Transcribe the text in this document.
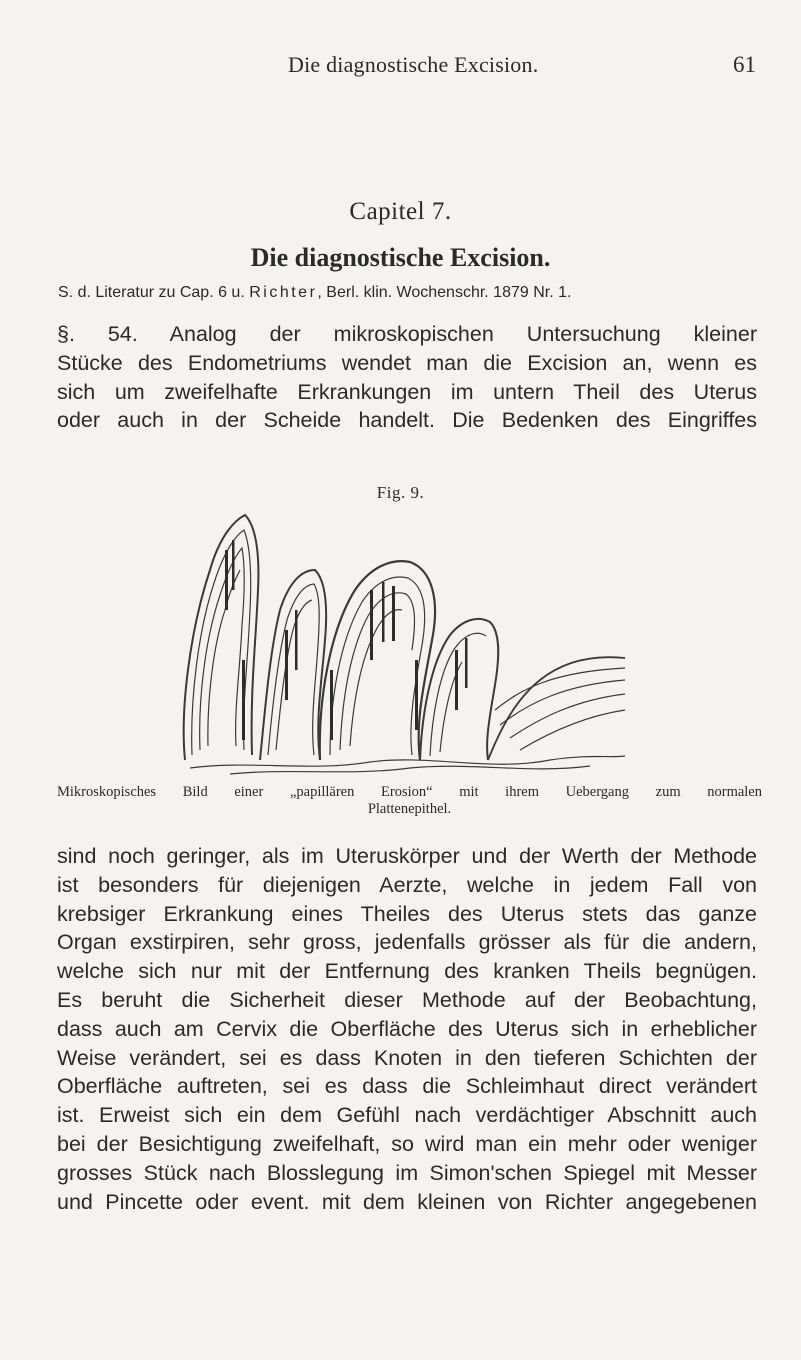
Die diagnostische Excision.	61
Capitel 7.
Die diagnostische Excision.
S. d. Literatur zu Cap. 6 u. Richter, Berl. klin. Wochenschr. 1879 Nr. 1.
§. 54. Analog der mikroskopischen Untersuchung kleiner
Stücke des Endometriums wendet man die Excision an, wenn es
sich um zweifelhafte Erkrankungen im untern Theil des Uterus
oder auch in der Scheide handelt. Die Bedenken des Eingriffes
Fig. 9.
Mikroskopisches Bild einer „papillären Erosion“ mit ihrem Uebergang zum normalen
Plattenepithel.
sind noch geringer, als im Uteruskörper und der Werth der Methode
ist besonders für diejenigen Aerzte, welche in jedem Fall von
krebsiger Erkrankung eines Theiles des Uterus stets das ganze
Organ exstirpiren, sehr gross, jedenfalls grösser als für die andern,
welche sich nur mit der Entfernung des kranken Theils begnügen.
Es beruht die Sicherheit dieser Methode auf der Beobachtung,
dass auch am Cervix die Oberfläche des Uterus sich in erheblicher
Weise verändert, sei es dass Knoten in den tieferen Schichten der
Oberfläche auftreten, sei es dass die Schleimhaut direct verändert
ist. Erweist sich ein dem Gefühl nach verdächtiger Abschnitt auch
bei der Besichtigung zweifelhaft, so wird man ein mehr oder weniger
grosses Stück nach Blosslegung im Simon'schen Spiegel mit Messer
und Pincette oder event. mit dem kleinen von Richter angegebenen
